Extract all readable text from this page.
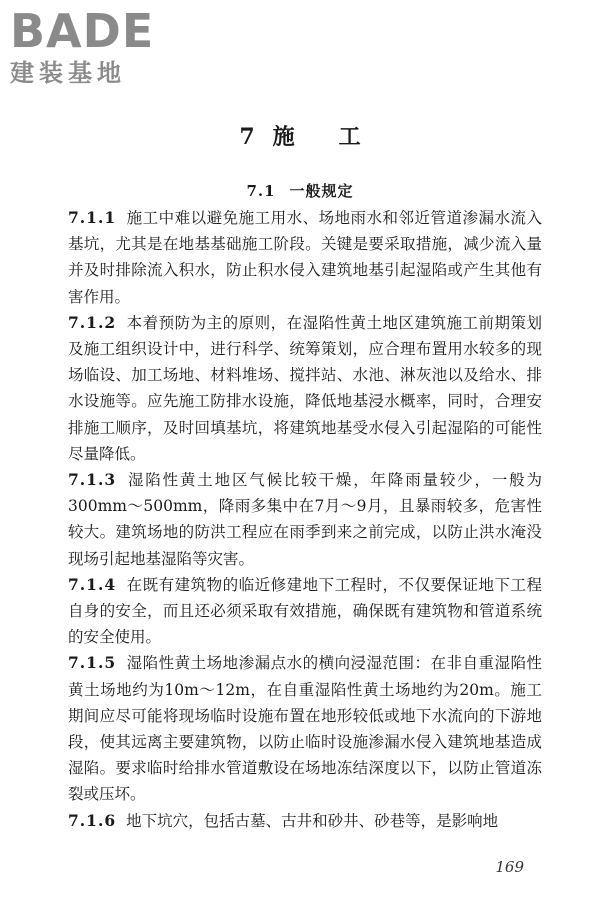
BADE
建装基地
7 施 工
7.1 一般规定

7.1.1 施工中难以避免施工用水、场地雨水和邻近管道渗漏水流入基坑，尤其是在地基基础施工阶段。关键是要采取措施，减少流入量并及时排除流入积水，防止积水侵入建筑地基引起湿陷或产生其他有害作用。

7.1.2 本着预防为主的原则，在湿陷性黄土地区建筑施工前期策划及施工组织设计中，进行科学、统筹策划，应合理布置用水较多的现场临设、加工场地、材料堆场、搅拌站、水池、淋灰池以及给水、排水设施等。应先施工防排水设施，降低地基浸水概率，同时，合理安排施工顺序，及时回填基坑，将建筑地基受水侵入引起湿陷的可能性尽量降低。

7.1.3 湿陷性黄土地区气候比较干燥，年降雨量较少，一般为300mm～500mm，降雨多集中在7月～9月，且暴雨较多，危害性较大。建筑场地的防洪工程应在雨季到来之前完成，以防止洪水淹没现场引起地基湿陷等灾害。

7.1.4 在既有建筑物的临近修建地下工程时，不仅要保证地下工程自身的安全，而且还必须采取有效措施，确保既有建筑物和管道系统的安全使用。

7.1.5 湿陷性黄土场地渗漏点水的横向浸湿范围：在非自重湿陷性黄土场地约为10m～12m，在自重湿陷性黄土场地约为20m。施工期间应尽可能将现场临时设施布置在地形较低或地下水流向的下游地段，使其远离主要建筑物，以防止临时设施渗漏水侵入建筑地基造成湿陷。要求临时给排水管道敷设在场地冻结深度以下，以防止管道冻裂或压坏。

7.1.6 地下坑穴，包括古墓、古井和砂井、砂巷等，是影响地

169
